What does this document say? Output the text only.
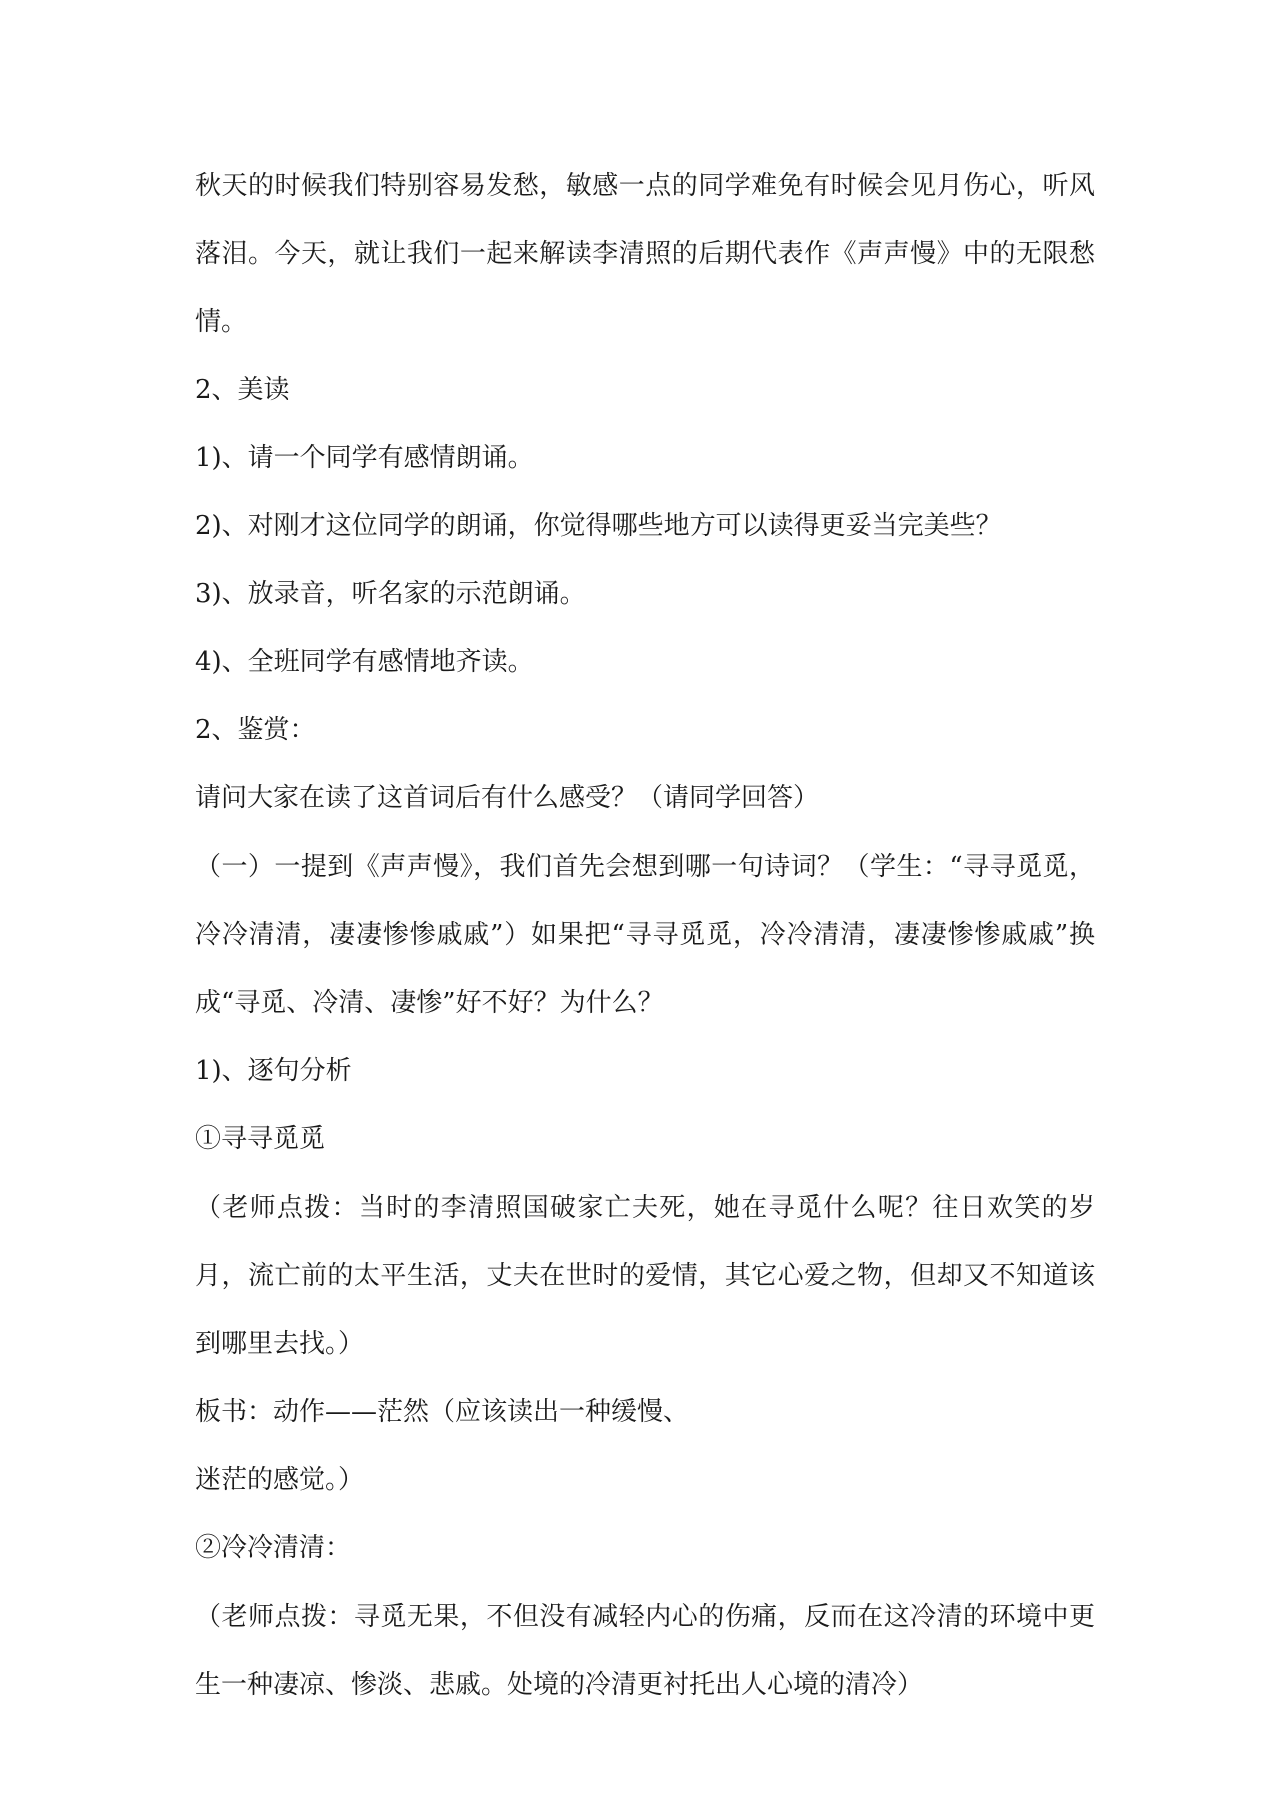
秋天的时候我们特别容易发愁，敏感一点的同学难免有时候会见月伤心，听风落泪。今天，就让我们一起来解读李清照的后期代表作《声声慢》中的无限愁情。

2、美读

1)、请一个同学有感情朗诵。

2)、对刚才这位同学的朗诵，你觉得哪些地方可以读得更妥当完美些？

3)、放录音，听名家的示范朗诵。

4)、全班同学有感情地齐读。

2、鉴赏：

请问大家在读了这首词后有什么感受？（请同学回答）

（一）一提到《声声慢》，我们首先会想到哪一句诗词？（学生：“寻寻觅觅，冷冷清清，凄凄惨惨戚戚”）如果把“寻寻觅觅，冷冷清清，凄凄惨惨戚戚”换成“寻觅、冷清、凄惨”好不好？为什么？

1)、逐句分析

①寻寻觅觅

（老师点拨：当时的李清照国破家亡夫死，她在寻觅什么呢？往日欢笑的岁月，流亡前的太平生活，丈夫在世时的爱情，其它心爱之物，但却又不知道该到哪里去找。）

板书：动作——茫然（应该读出一种缓慢、

迷茫的感觉。）

②冷冷清清：

（老师点拨：寻觅无果，不但没有减轻内心的伤痛，反而在这冷清的环境中更生一种凄凉、惨淡、悲戚。处境的冷清更衬托出人心境的清冷）
